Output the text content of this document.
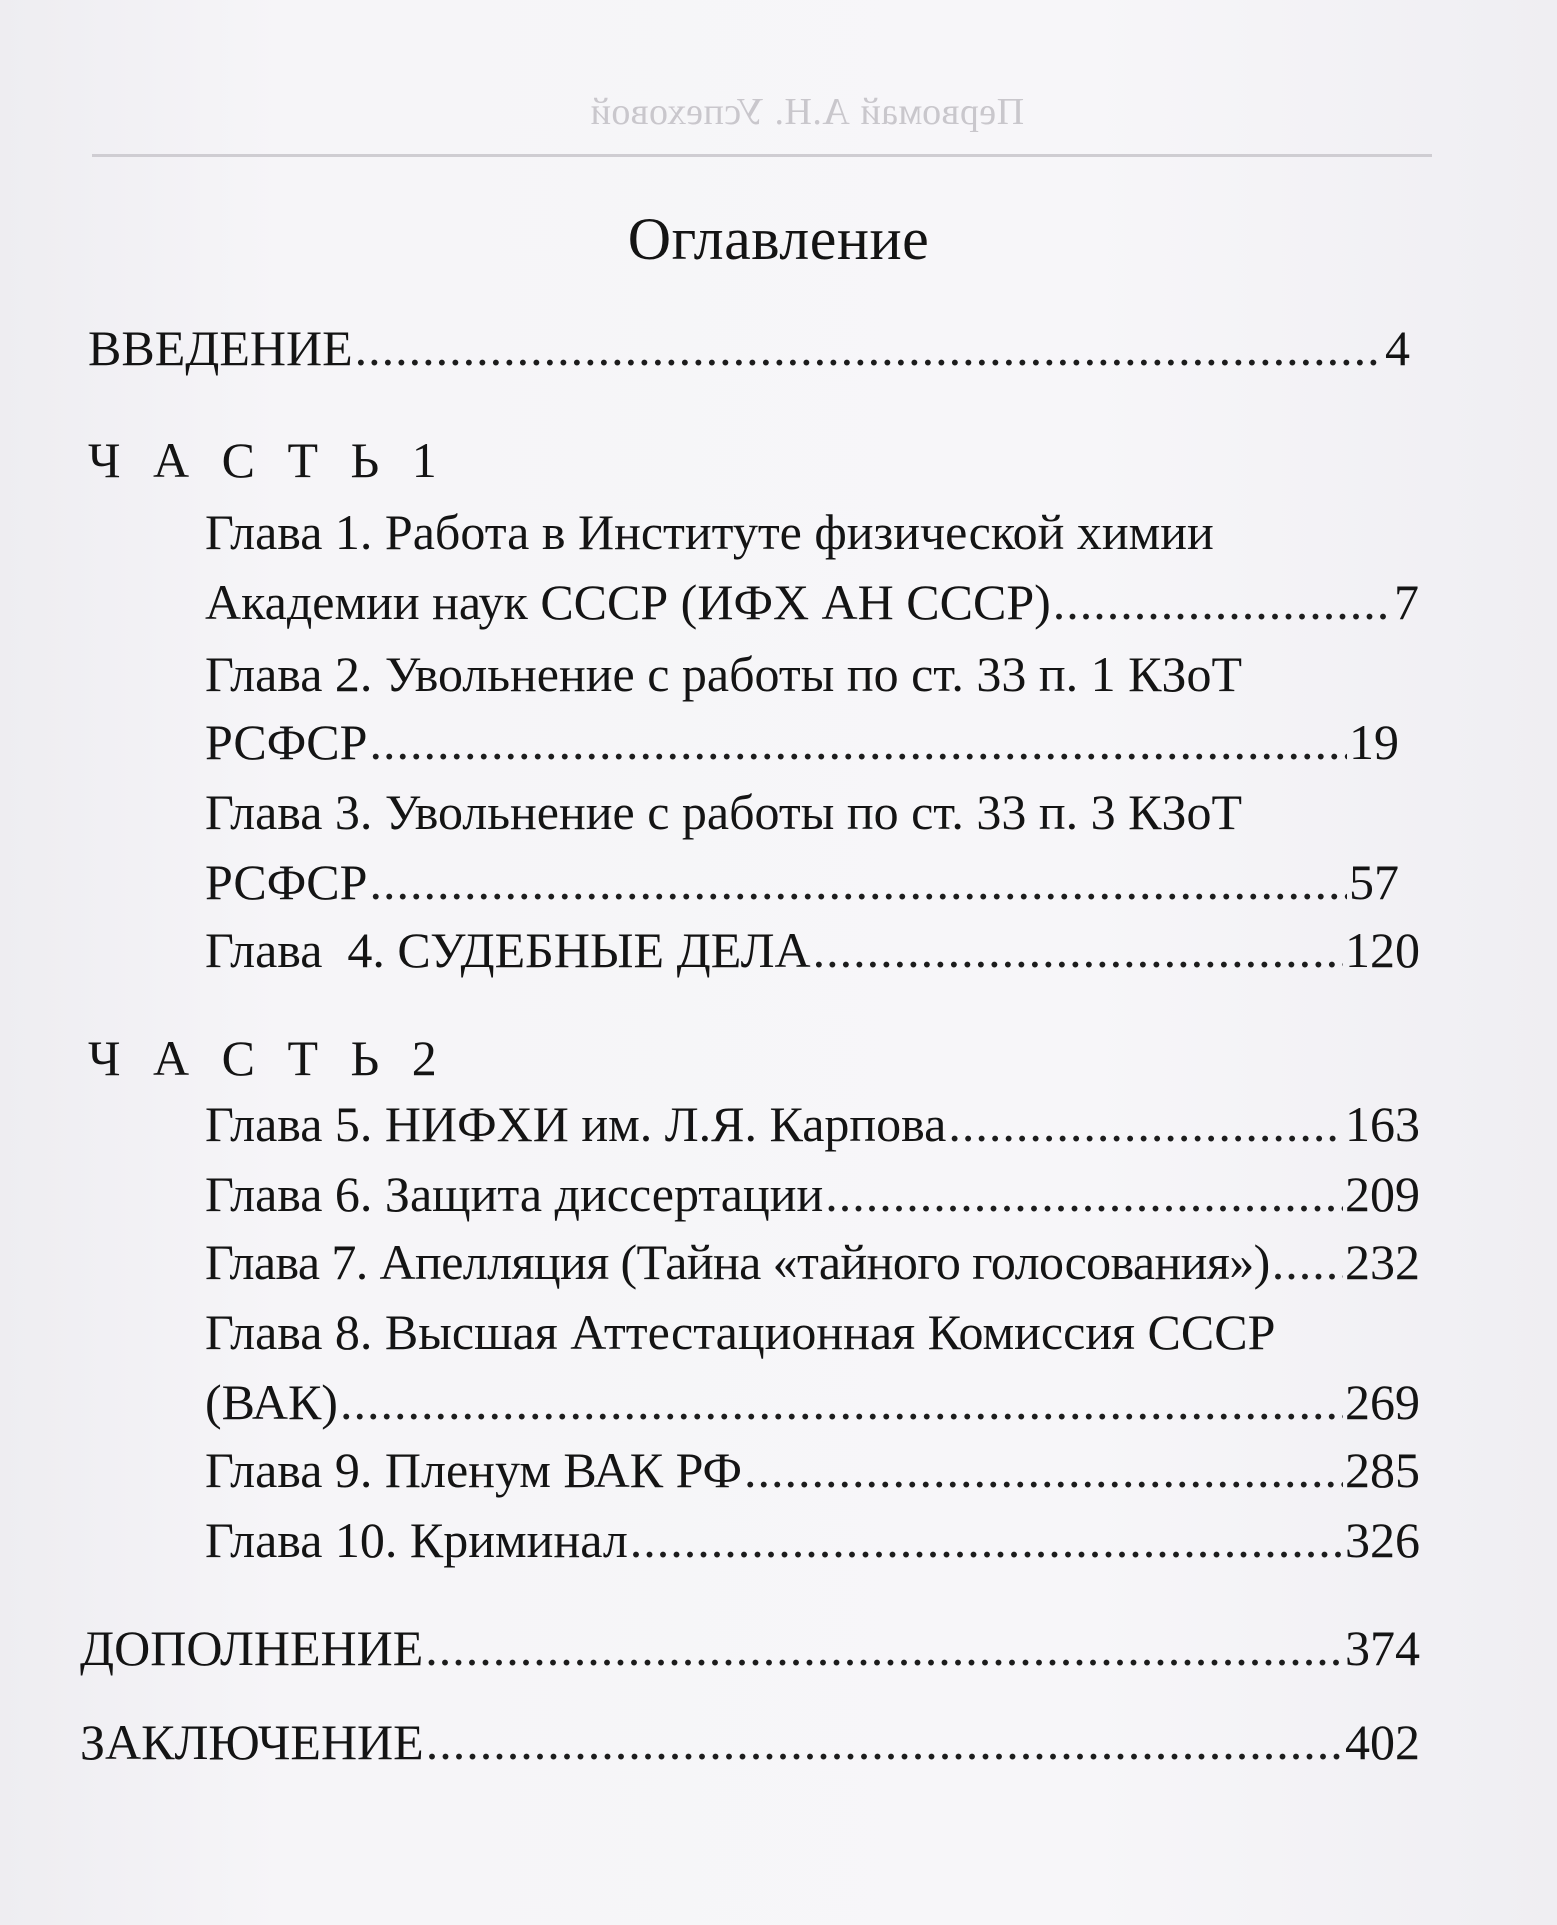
Первомай А.Н. Успеховой
Оглавление
ВВЕДЕНИЕ .....	4
Ч А С Т Ь 1
Глава 1. Работа в Институте физической химии
Академии наук СССР (ИФХ АН СССР) .....	7
Глава 2. Увольнение с работы по ст. 33 п. 1 КЗоТ
РСФСР .....	19
Глава 3. Увольнение с работы по ст. 33 п. 3 КЗоТ
РСФСР .....	57
Глава  4. СУДЕБНЫЕ ДЕЛА .....	120
Ч А С Т Ь 2
Глава 5. НИФХИ им. Л.Я. Карпова .....	163
Глава 6. Защита диссертации .....	209
Глава 7. Апелляция (Тайна «тайного голосования») ..... 232
Глава 8. Высшая Аттестационная Комиссия СССР
(ВАК) .....	269
Глава 9. Пленум ВАК РФ .....	285
Глава 10. Криминал .....	326
ДОПОЛНЕНИЕ .....	374
ЗАКЛЮЧЕНИЕ .....	402
